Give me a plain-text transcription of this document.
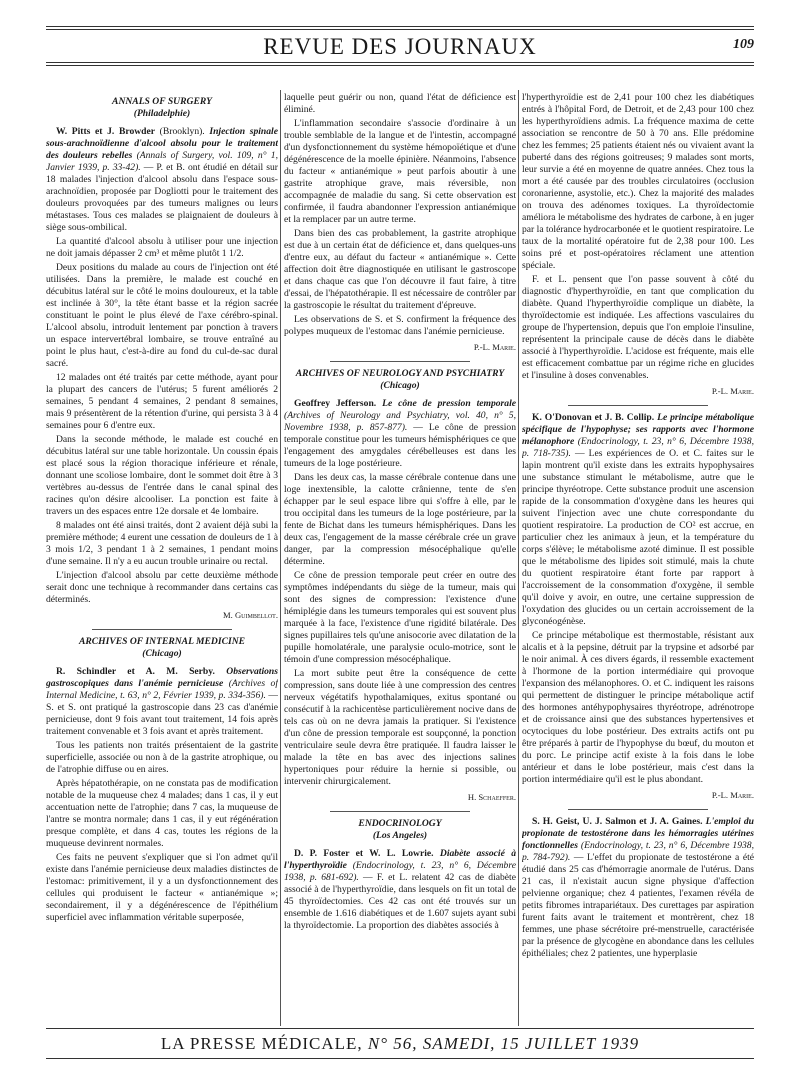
REVUE DES JOURNAUX	109
ANNALS OF SURGERY
(Philadelphie)

W. Pitts et J. Browder (Brooklyn). Injection spinale sous-arachnoïdienne d'alcool absolu pour le traitement des douleurs rebelles (Annals of Surgery, vol. 109, n° 1, Janvier 1939, p. 33-42). — P. et B. ont étudié en détail sur 18 malades l'injection d'alcool absolu dans l'espace sous-arachnoïdien, proposée par Dogliotti pour le traitement des douleurs provoquées par des tumeurs malignes ou leurs métastases. Tous ces malades se plaignaient de douleurs à siège sous-ombilical.

La quantité d'alcool absolu à utiliser pour une injection ne doit jamais dépasser 2 cm³ et même plutôt 1 1/2.

Deux positions du malade au cours de l'injection ont été utilisées. Dans la première, le malade est couché en décubitus latéral sur le côté le moins douloureux, et la table est inclinée à 30°, la tête étant basse et la région sacrée constituant le point le plus élevé de l'axe cérébro-spinal. L'alcool absolu, introduit lentement par ponction à travers un espace intervertébral lombaire, se trouve entraîné au point le plus haut, c'est-à-dire au fond du cul-de-sac dural sacré.

12 malades ont été traités par cette méthode, ayant pour la plupart des cancers de l'utérus; 5 furent améliorés 2 semaines, 5 pendant 4 semaines, 2 pendant 8 semaines, mais 9 présentèrent de la rétention d'urine, qui persista 3 à 4 semaines pour 6 d'entre eux.

Dans la seconde méthode, le malade est couché en décubitus latéral sur une table horizontale. Un coussin épais est placé sous la région thoracique inférieure et rénale, donnant une scoliose lombaire, dont le sommet doit être à 3 vertèbres au-dessus de l'entrée dans le canal spinal des racines qu'on désire alcooliser. La ponction est faite à travers un des espaces entre 12e dorsale et 4e lombaire.

8 malades ont été ainsi traités, dont 2 avaient déjà subi la première méthode; 4 eurent une cessation de douleurs de 1 à 3 mois 1/2, 3 pendant 1 à 2 semaines, 1 pendant moins d'une semaine. Il n'y a eu aucun trouble urinaire ou rectal.

L'injection d'alcool absolu par cette deuxième méthode serait donc une technique à recommander dans certains cas déterminés.

M. Guimbellot.
ARCHIVES OF INTERNAL MEDICINE
(Chicago)

R. Schindler et A. M. Serby. Observations gastroscopiques dans l'anémie pernicieuse (Archives of Internal Medicine, t. 63, n° 2, Février 1939, p. 334-356). — S. et S. ont pratiqué la gastroscopie dans 23 cas d'anémie pernicieuse, dont 9 fois avant tout traitement, 14 fois après traitement convenable et 3 fois avant et après traitement.

Tous les patients non traités présentaient de la gastrite superficielle, associée ou non à de la gastrite atrophique, ou de l'atrophie diffuse ou en aires.

Après hépatothérapie, on ne constata pas de modification notable de la muqueuse chez 4 malades; dans 1 cas, il y eut accentuation nette de l'atrophie; dans 7 cas, la muqueuse de l'antre se montra normale; dans 1 cas, il y eut régénération presque complète, et dans 4 cas, toutes les régions de la muqueuse devinrent normales.

Ces faits ne peuvent s'expliquer que si l'on admet qu'il existe dans l'anémie pernicieuse deux maladies distinctes de l'estomac: primitivement, il y a un dysfonctionnement des cellules qui produisent le facteur « antianémique »; secondairement, il y a dégénérescence de l'épithélium superficiel avec inflammation véritable superposée,

laquelle peut guérir ou non, quand l'état de déficience est éliminé.

L'inflammation secondaire s'associe d'ordinaire à un trouble semblable de la langue et de l'intestin, accompagné d'un dysfonctionnement du système hémopoïétique et d'une dégénérescence de la moelle épinière. Néanmoins, l'absence du facteur « antianémique » peut parfois aboutir à une gastrite atrophique grave, mais réversible, non accompagnée de maladie du sang. Si cette observation est confirmée, il faudra abandonner l'expression antianémique et la remplacer par un autre terme.

Dans bien des cas probablement, la gastrite atrophique est due à un certain état de déficience et, dans quelques-uns d'entre eux, au défaut du facteur « antianémique ». Cette affection doit être diagnostiquée en utilisant le gastroscope et dans chaque cas que l'on découvre il faut faire, à titre d'essai, de l'hépatothérapie. Il est nécessaire de contrôler par la gastroscopie le résultat du traitement d'épreuve.

Les observations de S. et S. confirment la fréquence des polypes muqueux de l'estomac dans l'anémie pernicieuse.

P.-L. Marie.
ARCHIVES OF NEUROLOGY AND PSYCHIATRY
(Chicago)

Geoffrey Jefferson. Le cône de pression temporale (Archives of Neurology and Psychiatry, vol. 40, n° 5, Novembre 1938, p. 857-877). — Le cône de pression temporale constitue pour les tumeurs hémisphériques ce que l'engagement des amygdales cérébelleuses est dans les tumeurs de la loge postérieure.

Dans les deux cas, la masse cérébrale contenue dans une loge inextensible, la calotte crânienne, tente de s'en échapper par le seul espace libre qui s'offre à elle, par le trou occipital dans les tumeurs de la loge postérieure, par la fente de Bichat dans les tumeurs hémisphériques. Dans les deux cas, l'engagement de la masse cérébrale crée un grave danger, par la compression mésocéphalique qu'elle détermine.

Ce cône de pression temporale peut créer en outre des symptômes indépendants du siège de la tumeur, mais qui sont des signes de compression: l'existence d'une hémiplégie dans les tumeurs temporales qui est souvent plus marquée à la face, l'existence d'une rigidité bilatérale. Des signes pupillaires tels qu'une anisocorie avec dilatation de la pupille homolatérale, une paralysie oculo-motrice, sont le témoin d'une compression mésocéphalique.

La mort subite peut être la conséquence de cette compression, sans doute liée à une compression des centres nerveux végétatifs hypothalamiques, exitus spontané ou consécutif à la rachicentèse particulièrement nocive dans de tels cas où on ne devra jamais la pratiquer. Si l'existence d'un cône de pression temporale est soupçonné, la ponction ventriculaire seule devra être pratiquée. Il faudra laisser le malade la tête en bas avec des injections salines hypertoniques pour réduire la hernie si possible, ou intervenir chirurgicalement.

H. Schaeffer.
ENDOCRINOLOGY
(Los Angeles)

D. P. Foster et W. L. Lowrie. Diabète associé à l'hyperthyroïdie (Endocrinology, t. 23, n° 6, Décembre 1938, p. 681-692). — F. et L. relatent 42 cas de diabète associé à de l'hyperthyroïdie, dans lesquels on fit un total de 45 thyroïdectomies. Ces 42 cas ont été trouvés sur un ensemble de 1.616 diabétiques et de 1.607 sujets ayant subi la thyroïdectomie. La proportion des diabètes associés à

l'hyperthyroïdie est de 2,41 pour 100 chez les diabétiques entrés à l'hôpital Ford, de Detroit, et de 2,43 pour 100 chez les hyperthyroïdiens admis. La fréquence maxima de cette association se rencontre de 50 à 70 ans. Elle prédomine chez les femmes; 25 patients étaient nés ou vivaient avant la puberté dans des régions goitreuses; 9 malades sont morts, leur survie a été en moyenne de quatre années. Chez tous la mort a été causée par des troubles circulatoires (occlusion coronarienne, asystolie, etc.). Chez la majorité des malades on trouva des adénomes toxiques. La thyroïdectomie améliora le métabolisme des hydrates de carbone, à en juger par la tolérance hydrocarbonée et le quotient respiratoire. Le taux de la mortalité opératoire fut de 2,38 pour 100. Les soins pré et post-opératoires réclament une attention spéciale.

F. et L. pensent que l'on passe souvent à côté du diagnostic d'hyperthyroïdie, en tant que complication du diabète. Quand l'hyperthyroïdie complique un diabète, la thyroïdectomie est indiquée. Les affections vasculaires du groupe de l'hypertension, depuis que l'on emploie l'insuline, représentent la principale cause de décès dans le diabète associé à l'hyperthyroïdie. L'acidose est fréquente, mais elle est efficacement combattue par un régime riche en glucides et l'insuline à doses convenables.

P.-L. Marie.

K. O'Donovan et J. B. Collip. Le principe métabolique spécifique de l'hypophyse; ses rapports avec l'hormone mélanophore (Endocrinology, t. 23, n° 6, Décembre 1938, p. 718-735). — Les expériences de O. et C. faites sur le lapin montrent qu'il existe dans les extraits hypophysaires une substance stimulant le métabolisme, autre que le principe thyréotrope. Cette substance produit une ascension rapide de la consommation d'oxygène dans les heures qui suivent l'injection avec une chute correspondante du quotient respiratoire. La production de CO² est accrue, en particulier chez les animaux à jeun, et la température du corps s'élève; le métabolisme azoté diminue. Il est possible que le métabolisme des lipides soit stimulé, mais la chute du quotient respiratoire étant forte par rapport à l'accroissement de la consommation d'oxygène, il semble qu'il doive y avoir, en outre, une certaine suppression de l'oxydation des glucides ou un certain accroissement de la glyconéogénèse.

Ce principe métabolique est thermostable, résistant aux alcalis et à la pepsine, détruit par la trypsine et adsorbé par le noir animal. À ces divers égards, il ressemble exactement à l'hormone de la portion intermédiaire qui provoque l'expansion des mélanophores. O. et C. indiquent les raisons qui permettent de distinguer le principe métabolique actif des hormones antéhypophysaires thyréotrope, adrénotrope et de croissance ainsi que des substances hypertensives et ocytociques du lobe postérieur. Des extraits actifs ont pu être préparés à partir de l'hypophyse du bœuf, du mouton et du porc. Le principe actif existe à la fois dans le lobe antérieur et dans le lobe postérieur, mais c'est dans la portion intermédiaire qu'il est le plus abondant.

P.-L. Marie.

S. H. Geist, U. J. Salmon et J. A. Gaines. L'emploi du propionate de testostérone dans les hémorragies utérines fonctionnelles (Endocrinology, t. 23, n° 6, Décembre 1938, p. 784-792). — L'effet du propionate de testostérone a été étudié dans 25 cas d'hémorragie anormale de l'utérus. Dans 21 cas, il n'existait aucun signe physique d'affection pelvienne organique; chez 4 patientes, l'examen révéla de petits fibromes intrapariétaux. Des curettages par aspiration furent faits avant le traitement et montrèrent, chez 18 femmes, une phase sécrétoire pré-menstruelle, caractérisée par la présence de glycogène en abondance dans les cellules épithéliales; chez 2 patientes, une hyperplasie

LA PRESSE MÉDICALE, N° 56, SAMEDI, 15 JUILLET 1939
